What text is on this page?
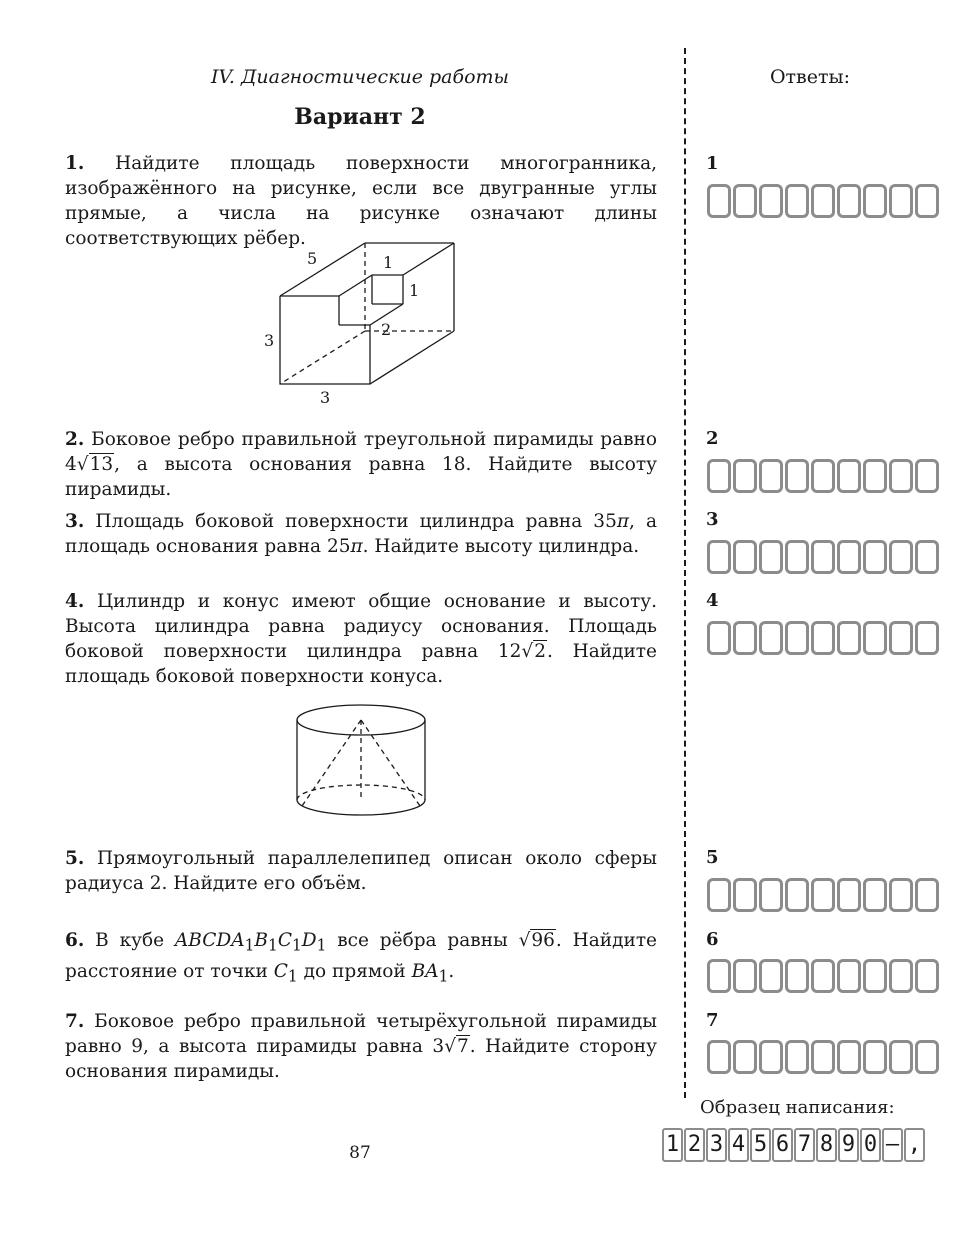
IV. Диагностические работы	Ответы:
Вариант 2
1. Найдите площадь поверхности многогранника, изображённого на рисунке, если все двугранные углы прямые, а числа на рисунке означают длины соответствующих рёбер.
5	1
1
2
3
3
2. Боковое ребро правильной треугольной пирамиды равно 4√13, а высота основания равна 18. Найдите высоту пирамиды.
3. Площадь боковой поверхности цилиндра равна 35π, а площадь основания равна 25π. Найдите высоту цилиндра.
4. Цилиндр и конус имеют общие основание и высоту. Высота цилиндра равна радиусу основания. Площадь боковой поверхности цилиндра равна 12√2. Найдите площадь боковой поверхности конуса.
5. Прямоугольный параллелепипед описан около сферы радиуса 2. Найдите его объём.
6. В кубе $ABCDA_1B_1C_1D_1$ все рёбра равны √96. Найдите расстояние от точки $C_1$ до прямой $BA_1$.
7. Боковое ребро правильной четырёхугольной пирамиды равно 9, а высота пирамиды равна 3√7. Найдите сторону основания пирамиды.
1
2
3
4
5
6
7
Образец написания:
1 2 3 4 5 6 7 8 9 0 – ,
87
